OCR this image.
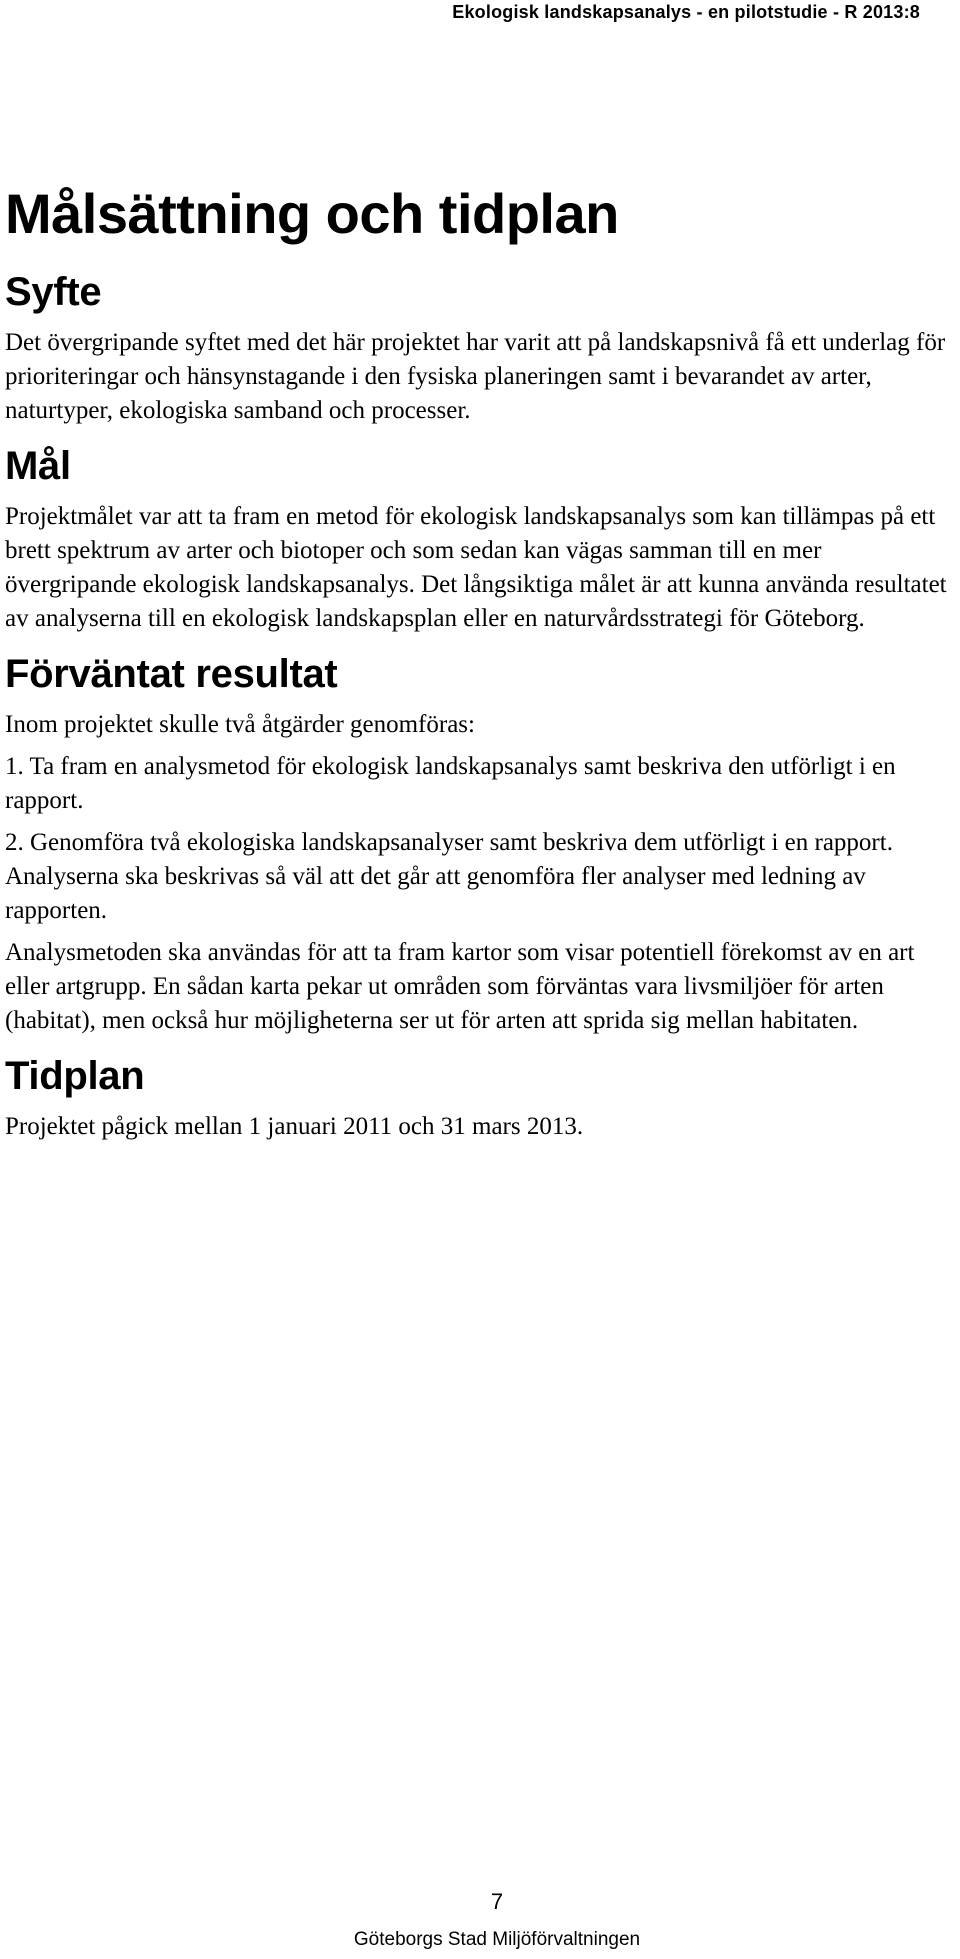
Ekologisk landskapsanalys - en pilotstudie - R 2013:8
Målsättning och tidplan
Syfte

Det övergripande syftet med det här projektet har varit att på landskapsnivå få ett underlag för prioriteringar och hänsynstagande i den fysiska planeringen samt i bevarandet av arter, naturtyper, ekologiska samband och processer.

Mål

Projektmålet var att ta fram en metod för ekologisk landskapsanalys som kan tillämpas på ett brett spektrum av arter och biotoper och som sedan kan vägas samman till en mer övergripande ekologisk landskapsanalys. Det långsiktiga målet är att kunna använda resultatet av analyserna till en ekologisk landskapsplan eller en naturvårdsstrategi för Göteborg.

Förväntat resultat

Inom projektet skulle två åtgärder genomföras:

1. Ta fram en analysmetod för ekologisk landskapsanalys samt beskriva den utförligt i en rapport.

2. Genomföra två ekologiska landskapsanalyser samt beskriva dem utförligt i en rapport. Analyserna ska beskrivas så väl att det går att genomföra fler analyser med ledning av rapporten.

Analysmetoden ska användas för att ta fram kartor som visar potentiell förekomst av en art eller artgrupp. En sådan karta pekar ut områden som förväntas vara livsmiljöer för arten (habitat), men också hur möjligheterna ser ut för arten att sprida sig mellan habitaten.

Tidplan

Projektet pågick mellan 1 januari 2011 och 31 mars 2013.

7
Göteborgs Stad Miljöförvaltningen
